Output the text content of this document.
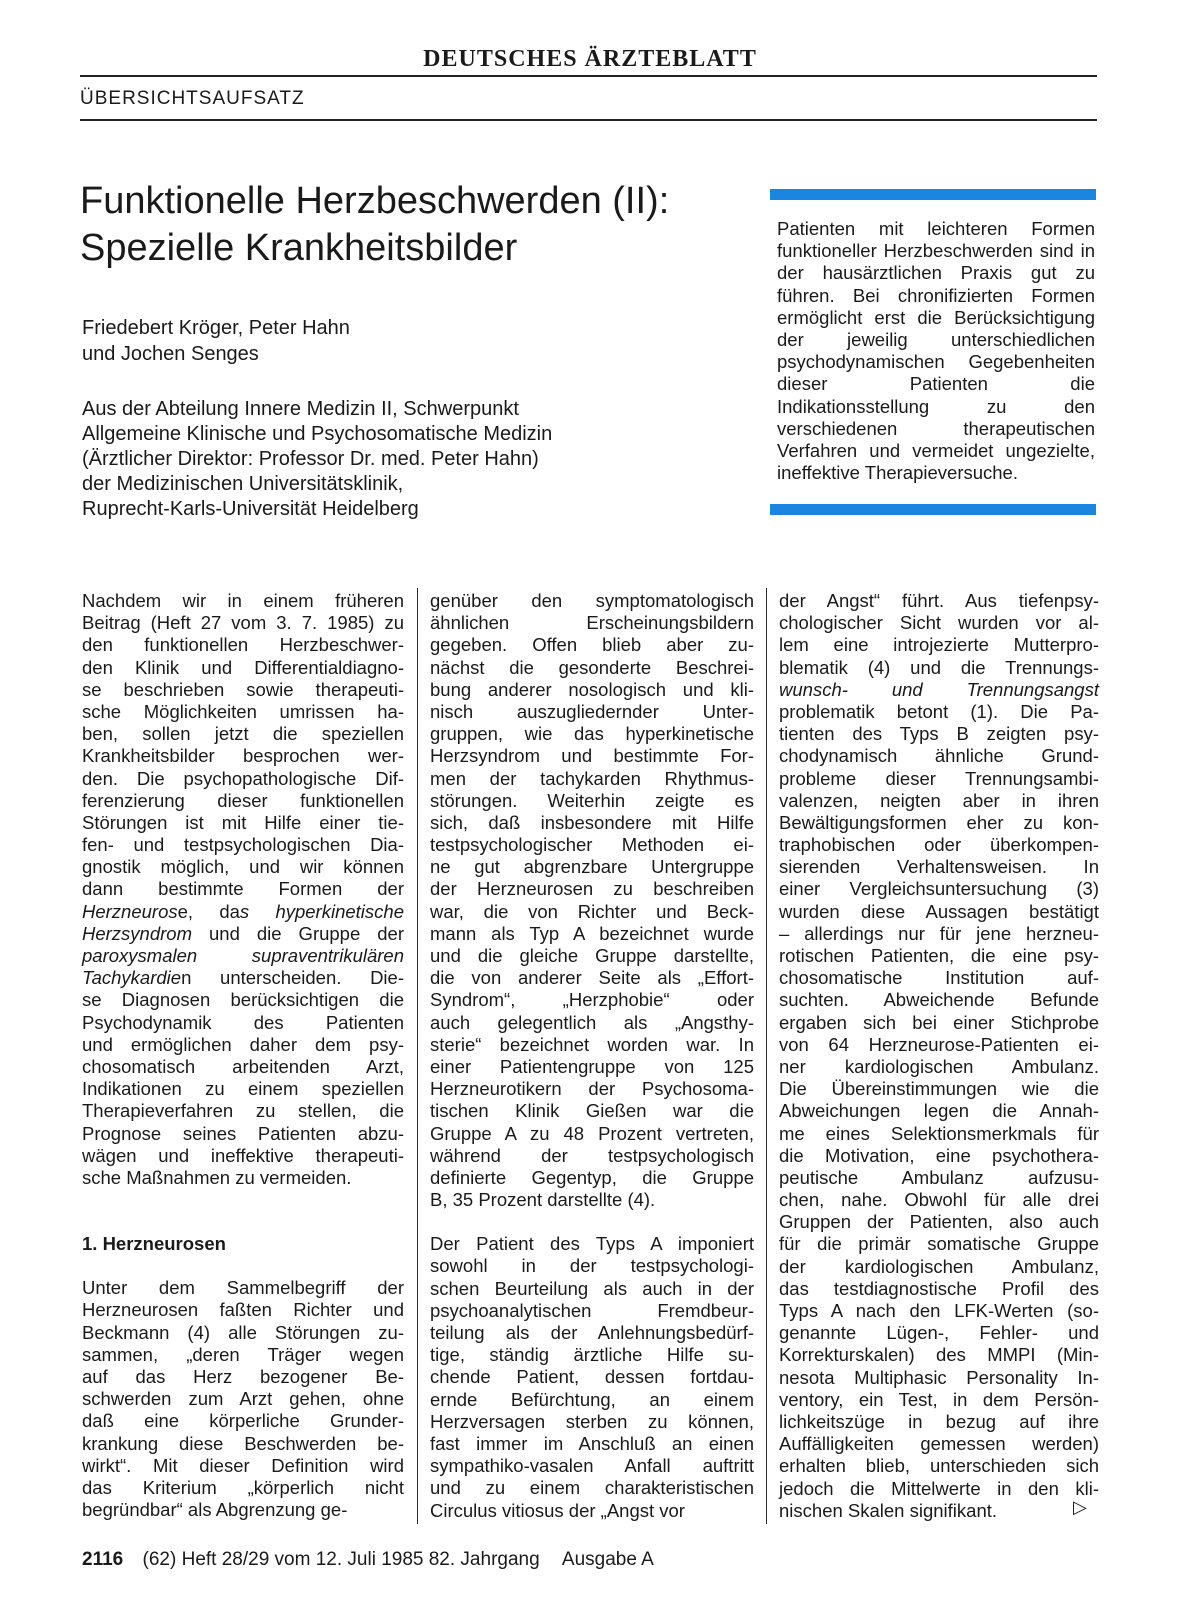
DEUTSCHES ÄRZTEBLATT
ÜBERSICHTSAUFSATZ
Funktionelle Herzbeschwerden (II):
Spezielle Krankheitsbilder
Friedebert Kröger, Peter Hahn
und Jochen Senges
Aus der Abteilung Innere Medizin II, Schwerpunkt
Allgemeine Klinische und Psychosomatische Medizin
(Ärztlicher Direktor: Professor Dr. med. Peter Hahn)
der Medizinischen Universitätsklinik,
Ruprecht-Karls-Universität Heidelberg
Patienten mit leichteren Formen funktioneller Herzbeschwerden sind in der hausärztlichen Praxis gut zu führen. Bei chronifizierten Formen ermöglicht erst die Berücksichtigung der jeweilig unterschiedlichen psychodynamischen Gegebenheiten dieser Patienten die Indikationsstellung zu den verschiedenen therapeutischen Verfahren und vermeidet ungezielte, ineffektive Therapieversuche.
Nachdem wir in einem früheren
Beitrag (Heft 27 vom 3. 7. 1985) zu
den funktionellen Herzbeschwer-
den Klinik und Differentialdiagno-
se beschrieben sowie therapeuti-
sche Möglichkeiten umrissen ha-
ben, sollen jetzt die speziellen
Krankheitsbilder besprochen wer-
den. Die psychopathologische Dif-
ferenzierung dieser funktionellen
Störungen ist mit Hilfe einer tie-
fen- und testpsychologischen Dia-
gnostik möglich, und wir können
dann bestimmte Formen der
Herzneurose, das hyperkinetische
Herzsyndrom und die Gruppe der
paroxysmalen supraventrikulären
Tachykardien unterscheiden. Die-
se Diagnosen berücksichtigen die
Psychodynamik des Patienten
und ermöglichen daher dem psy-
chosomatisch arbeitenden Arzt,
Indikationen zu einem speziellen
Therapieverfahren zu stellen, die
Prognose seines Patienten abzu-
wägen und ineffektive therapeuti-
sche Maßnahmen zu vermeiden.
1. Herzneurosen
Unter dem Sammelbegriff der
Herzneurosen faßten Richter und
Beckmann (4) alle Störungen zu-
sammen, „deren Träger wegen
auf das Herz bezogener Be-
schwerden zum Arzt gehen, ohne
daß eine körperliche Grunder-
krankung diese Beschwerden be-
wirkt“. Mit dieser Definition wird
das Kriterium „körperlich nicht
begründbar“ als Abgrenzung ge-
genüber den symptomatologisch
ähnlichen Erscheinungsbildern
gegeben. Offen blieb aber zu-
nächst die gesonderte Beschrei-
bung anderer nosologisch und kli-
nisch auszugliedernder Unter-
gruppen, wie das hyperkinetische
Herzsyndrom und bestimmte For-
men der tachykarden Rhythmus-
störungen. Weiterhin zeigte es
sich, daß insbesondere mit Hilfe
testpsychologischer Methoden ei-
ne gut abgrenzbare Untergruppe
der Herzneurosen zu beschreiben
war, die von Richter und Beck-
mann als Typ A bezeichnet wurde
und die gleiche Gruppe darstellte,
die von anderer Seite als „Effort-
Syndrom“, „Herzphobie“ oder
auch gelegentlich als „Angsthy-
sterie“ bezeichnet worden war. In
einer Patientengruppe von 125
Herzneurotikern der Psychosoma-
tischen Klinik Gießen war die
Gruppe A zu 48 Prozent vertreten,
während der testpsychologisch
definierte Gegentyp, die Gruppe
B, 35 Prozent darstellte (4).
Der Patient des Typs A imponiert
sowohl in der testpsychologi-
schen Beurteilung als auch in der
psychoanalytischen Fremdbeur-
teilung als der Anlehnungsbedürf-
tige, ständig ärztliche Hilfe su-
chende Patient, dessen fortdau-
ernde Befürchtung, an einem
Herzversagen sterben zu können,
fast immer im Anschluß an einen
sympathiko-vasalen Anfall auftritt
und zu einem charakteristischen
Circulus vitiosus der „Angst vor
der Angst“ führt. Aus tiefenpsy-
chologischer Sicht wurden vor al-
lem eine introjezierte Mutterpro-
blematik (4) und die Trennungs-
wunsch- und Trennungsangst
problematik betont (1). Die Pa-
tienten des Typs B zeigten psy-
chodynamisch ähnliche Grund-
probleme dieser Trennungsambi-
valenzen, neigten aber in ihren
Bewältigungsformen eher zu kon-
traphobischen oder überkompen-
sierenden Verhaltensweisen. In
einer Vergleichsuntersuchung (3)
wurden diese Aussagen bestätigt
– allerdings nur für jene herzneu-
rotischen Patienten, die eine psy-
chosomatische Institution auf-
suchten. Abweichende Befunde
ergaben sich bei einer Stichprobe
von 64 Herzneurose-Patienten ei-
ner kardiologischen Ambulanz.
Die Übereinstimmungen wie die
Abweichungen legen die Annah-
me eines Selektionsmerkmals für
die Motivation, eine psychothera-
peutische Ambulanz aufzusu-
chen, nahe. Obwohl für alle drei
Gruppen der Patienten, also auch
für die primär somatische Gruppe
der kardiologischen Ambulanz,
das testdiagnostische Profil des
Typs A nach den LFK-Werten (so-
genannte Lügen-, Fehler- und
Korrekturskalen) des MMPI (Min-
nesota Multiphasic Personality In-
ventory, ein Test, in dem Persön-
lichkeitszüge in bezug auf ihre
Auffälligkeiten gemessen werden)
erhalten blieb, unterschieden sich
jedoch die Mittelwerte in den kli-
nischen Skalen signifikant.	▷
2116 (62) Heft 28/29 vom 12. Juli 1985 82. Jahrgang Ausgabe A
